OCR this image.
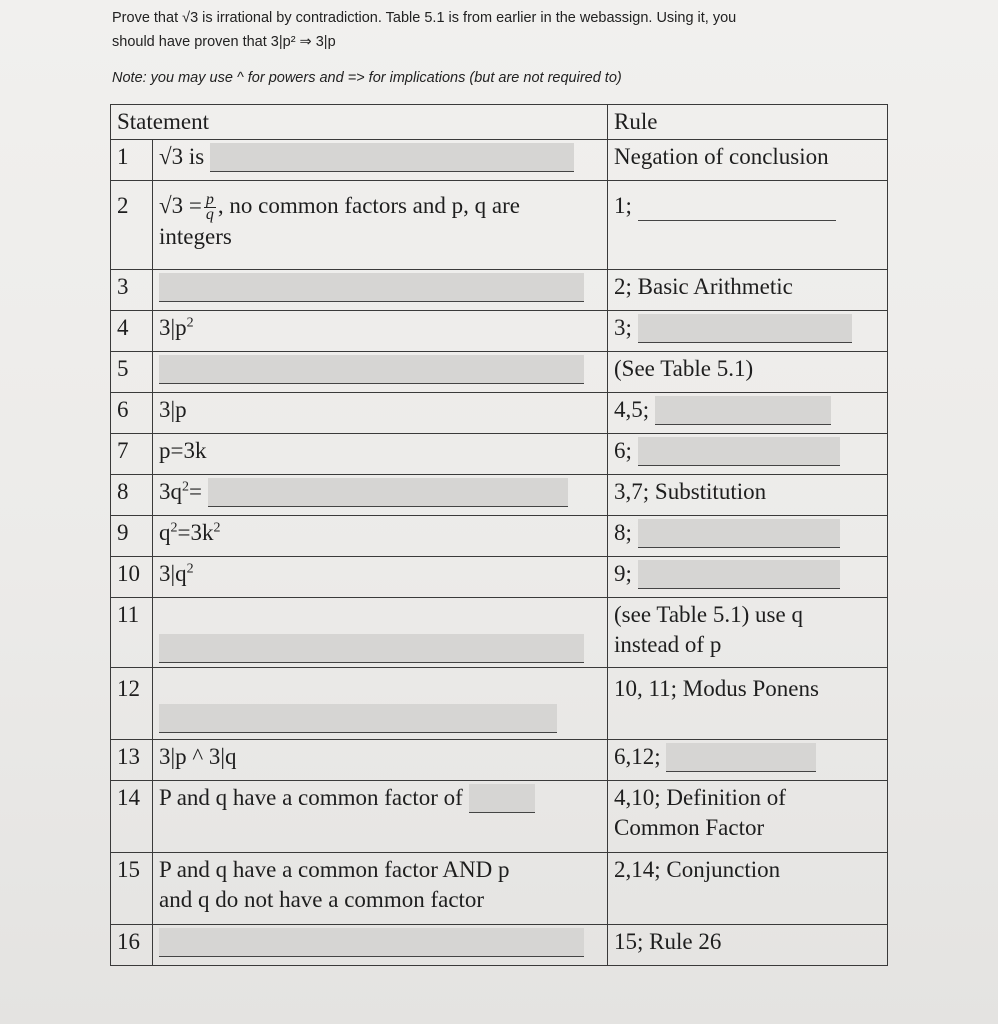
Prove that √3 is irrational by contradiction. Table 5.1 is from earlier in the webassign. Using it, you
should have proven that 3|p² ⇒ 3|p
Note: you may use ^ for powers and => for implications (but are not required to)
Statement		Rule
1	√3 is	Negation of conclusion
2	$√3 = \frac{p}{q}$ , no common factors and p, q are
integers	1;
3		2; Basic Arithmetic
4	$3|p^2$	3;
5		(See Table 5.1)
6	3|p	4,5;
7	p=3k	6;
8	$3q^2=$	3,7; Substitution
9	$q^2=3k^2$	8;
10	$3|q^2$	9;
11		(see Table 5.1) use q
instead of p

12		10, 11; Modus Ponens
13	3|p ^ 3|q	6,12;
14	P and q have a common factor of	4,10; Definition of
Common Factor

15	P and q have a common factor AND p
and q do not have a common factor	2,14; Conjunction
16		15; Rule 26
